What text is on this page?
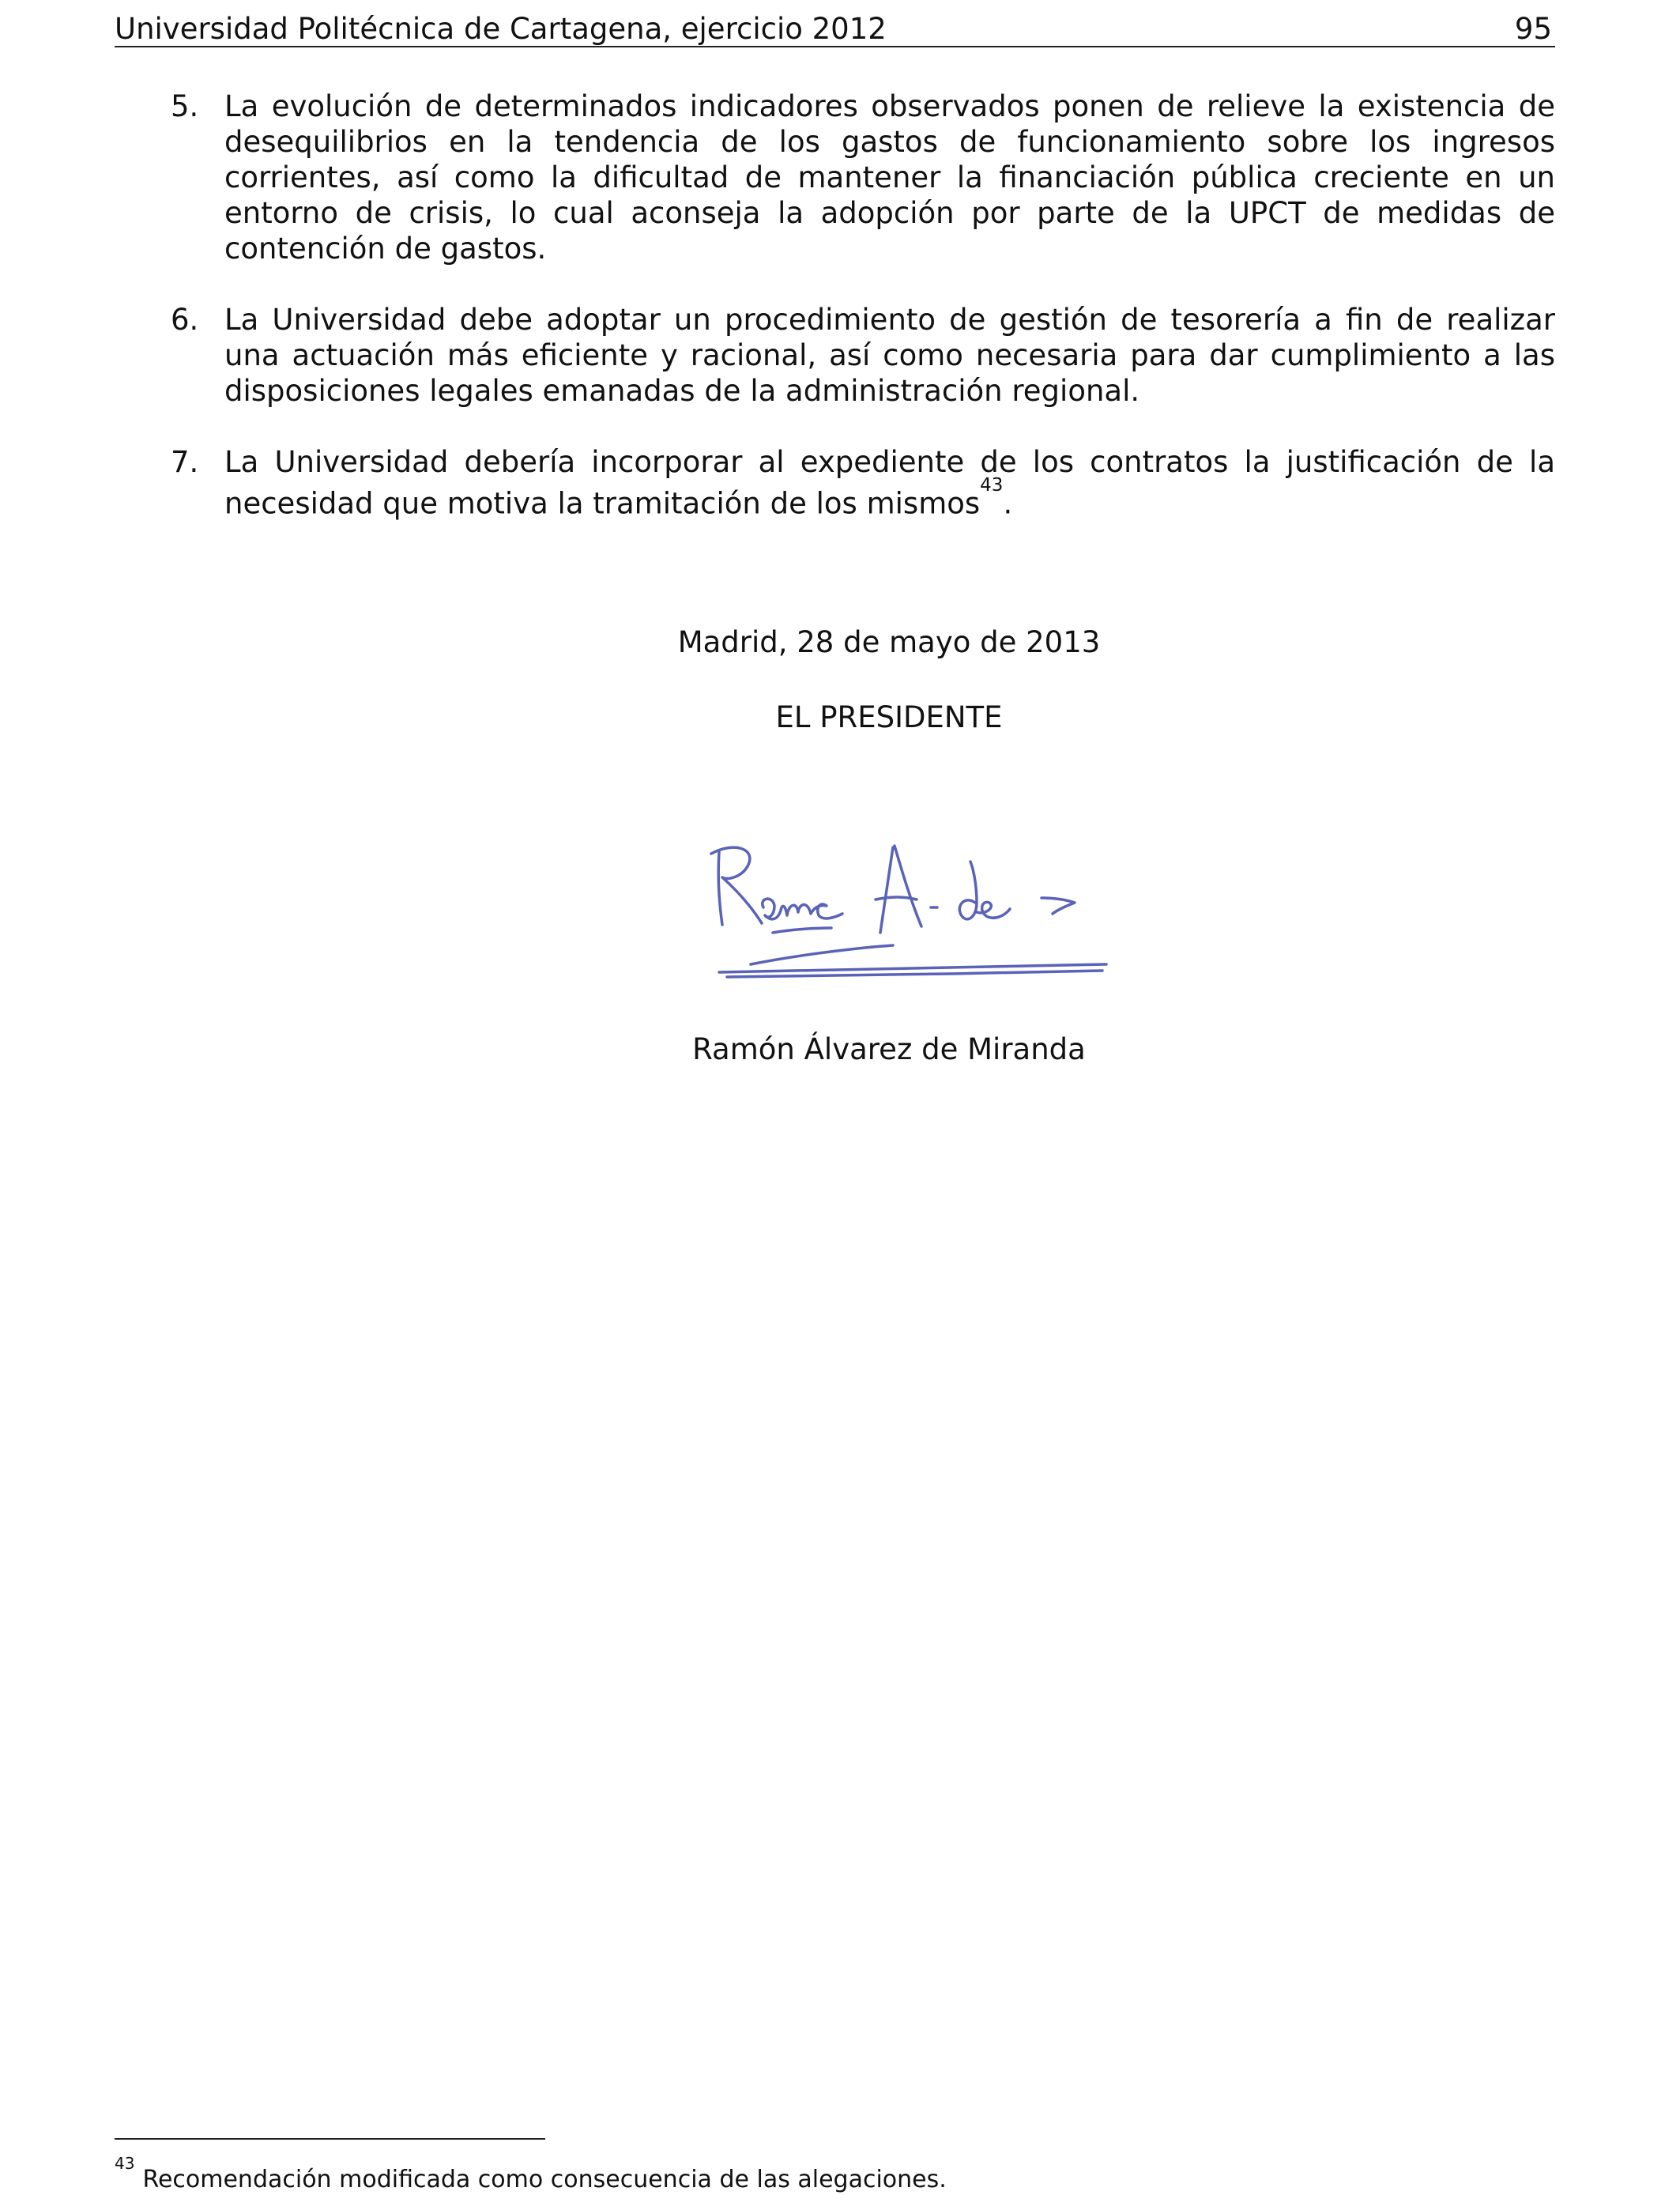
Universidad Politécnica de Cartagena, ejercicio 2012	95
5. La evolución de determinados indicadores observados ponen de relieve la existencia de desequilibrios en la tendencia de los gastos de funcionamiento sobre los ingresos corrientes, así como la dificultad de mantener la financiación pública creciente en un entorno de crisis, lo cual aconseja la adopción por parte de la UPCT de medidas de contención de gastos.
6. La Universidad debe adoptar un procedimiento de gestión de tesorería a fin de realizar una actuación más eficiente y racional, así como necesaria para dar cumplimiento a las disposiciones legales emanadas de la administración regional.
7. La Universidad debería incorporar al expediente de los contratos la justificación de la necesidad que motiva la tramitación de los mismos$^{43}$.
Madrid, 28 de mayo de 2013
EL PRESIDENTE
Ramón Álvarez de Miranda
$^{43}$Recomendación modificada como consecuencia de las alegaciones.
